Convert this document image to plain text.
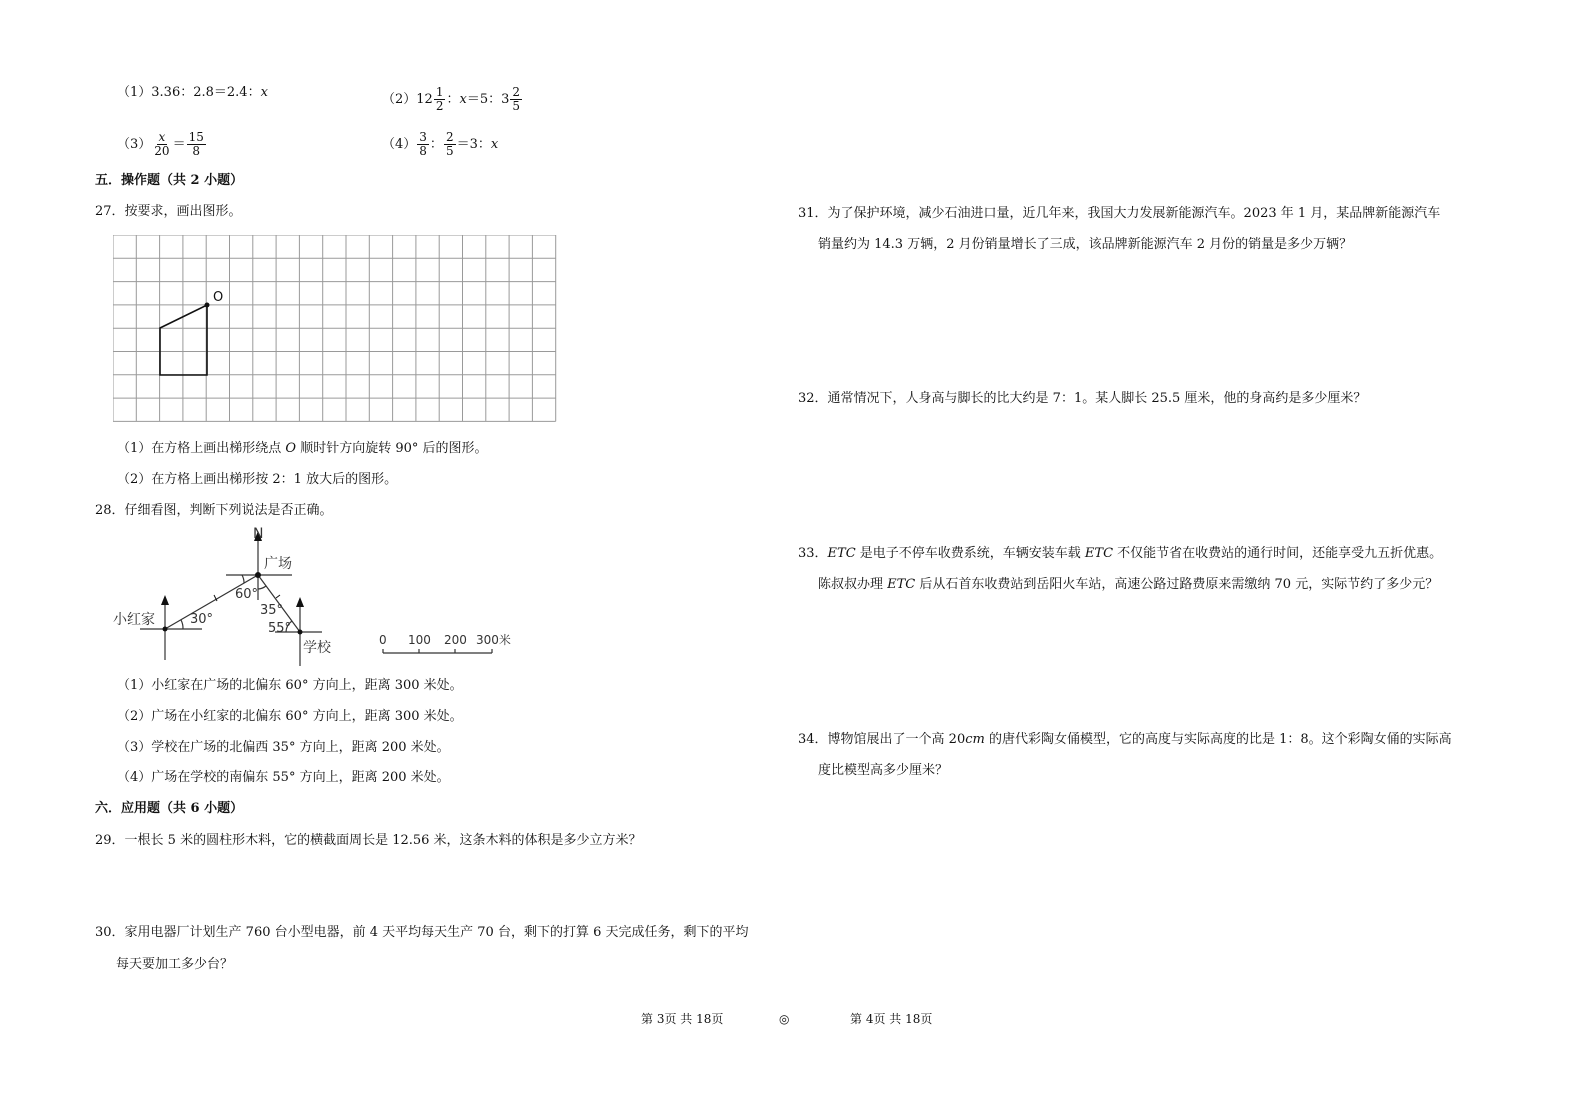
（1）3.36：2.8＝2.4：x	$(2)12 \frac{1}{2}$ ：x＝5：$3 \frac{2}{5}$
$(3) \frac{x}{20} = \frac{15}{8}$	$(4) \frac{3}{8}$ ： $\frac{2}{5} =3$：x
五．操作题（共 2 小题）
27．按要求，画出图形。
O
（1）在方格上画出梯形绕点 O 顺时针方向旋转 90° 后的图形。
（2）在方格上画出梯形按 2：1 放大后的图形。
28．仔细看图，判断下列说法是否正确。
N
广场
小红家
学校
30°
60°
35°
55°
0 100 200 300米
（1）小红家在广场的北偏东 60° 方向上，距离 300 米处。
（2）广场在小红家的北偏东 60° 方向上，距离 300 米处。
（3）学校在广场的北偏西 35° 方向上，距离 200 米处。
（4）广场在学校的南偏东 55° 方向上，距离 200 米处。
六．应用题（共 6 小题）
29．一根长 5 米的圆柱形木料，它的横截面周长是 12.56 米，这条木料的体积是多少立方米？
30．家用电器厂计划生产 760 台小型电器，前 4 天平均每天生产 70 台，剩下的打算 6 天完成任务，剩下的平均
每天要加工多少台？
31．为了保护环境，减少石油进口量，近几年来，我国大力发展新能源汽车。2023 年 1 月，某品牌新能源汽车
销量约为 14.3 万辆，2 月份销量增长了三成，该品牌新能源汽车 2 月份的销量是多少万辆？
32．通常情况下，人身高与脚长的比大约是 7：1。某人脚长 25.5 厘米，他的身高约是多少厘米？
33．ETC 是电子不停车收费系统，车辆安装车载 ETC 不仅能节省在收费站的通行时间，还能享受九五折优惠。
陈叔叔办理 ETC 后从石首东收费站到岳阳火车站，高速公路过路费原来需缴纳 70 元，实际节约了多少元？
34．博物馆展出了一个高 20cm 的唐代彩陶女俑模型，它的高度与实际高度的比是 1：8。这个彩陶女俑的实际高
度比模型高多少厘米？
第 3页 共 18页	◎	第 4页 共 18页
